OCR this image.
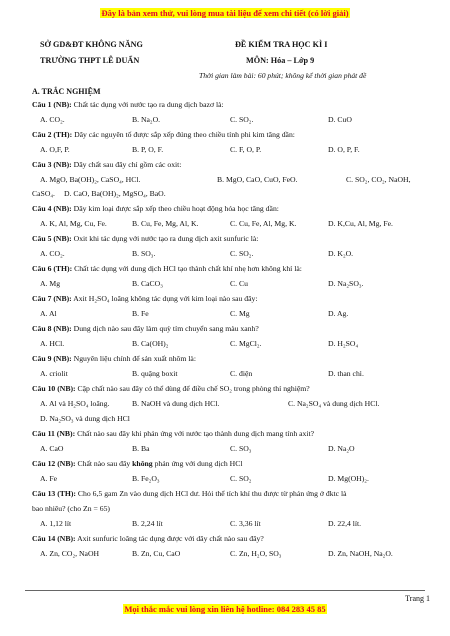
Đây là bản xem thử, vui lòng mua tài liệu để xem chi tiết (có lời giải)
SỞ GD&ĐT KHÔNG NĂNG	ĐỀ KIỂM TRA HỌC KÌ I
TRƯỜNG THPT LÊ DUẨN	MÔN: Hóa – Lớp 9
Thời gian làm bài: 60 phút; không kể thời gian phát đề
A. TRẮC NGHIỆM
Câu 1 (NB): Chất tác dụng với nước tạo ra dung dịch bazơ là:
A. CO₂.	B. Na₂O.	C. SO₂.	D. CuO
Câu 2 (TH): Dãy các nguyên tố được sắp xếp đúng theo chiều tính phi kim tăng dần:
A. O,F, P.	B. P, O, F.	C. F, O, P.	D. O, P, F.
Câu 3 (NB): Dãy chất sau đây chỉ gồm các oxit:
A. MgO, Ba(OH)₂, CaSO₄, HCl.	B. MgO, CaO, CuO, FeO.	C. SO₂, CO₂, NaOH,
CaSO₄. D. CaO, Ba(OH)₂, MgSO₄, BaO.
Câu 4 (NB): Dãy kim loại được sắp xếp theo chiều hoạt động hóa học tăng dần:
A. K, Al, Mg, Cu, Fe.	B. Cu, Fe, Mg, Al, K.	C. Cu, Fe, Al, Mg, K.	D. K,Cu, Al, Mg, Fe.
Câu 5 (NB): Oxit khi tác dụng với nước tạo ra dung dịch axit sunfuric là:
A. CO₂.	B. SO₃.	C. SO₂.	D. K₂O.
Câu 6 (TH): Chất tác dụng với dung dịch HCl tạo thành chất khí nhẹ hơn không khí là:
A. Mg	B. CaCO₃	C. Cu	D. Na₂SO₃.
Câu 7 (NB): Axit H₂SO₄ loãng không tác dụng với kim loại nào sau đây:
A. Al	B. Fe	C. Mg	D. Ag.
Câu 8 (NB): Dung dịch nào sau đây làm quỳ tím chuyển sang màu xanh?
A. HCl.	B. Ca(OH)₂	C. MgCl₂.	D. H₂SO₄
Câu 9 (NB): Nguyên liệu chính để sản xuất nhôm là:
A. criolit	B. quặng boxit	C. điện	D. than chì.
Câu 10 (NB): Cặp chất nào sau đây có thể dùng để điều chế SO₂ trong phòng thí nghiệm?
A. Al và H₂SO₄ loãng.	B. NaOH và dung dịch HCl.	C. Na₂SO₄ và dung dịch HCl.
D. Na₂SO₃ và dung dịch HCl
Câu 11 (NB): Chất nào sau đây khi phản ứng với nước tạo thành dung dịch mang tính axit?
A. CaO	B. Ba	C. SO₃	D. Na₂O
Câu 12 (NB): Chất nào sau đây không phản ứng với dung dịch HCl
A. Fe	B. Fe₂O₃	C. SO₂	D. Mg(OH)₂.
Câu 13 (TH): Cho 6,5 gam Zn vào dung dịch HCl dư. Hỏi thể tích khí thu được từ phản ứng ở đktc là
bao nhiêu? (cho Zn = 65)
A. 1,12 lít	B. 2,24 lít	C. 3,36 lít	D. 22,4 lít.
Câu 14 (NB): Axit sunfuric loãng tác dụng được với dãy chất nào sau đây?
A. Zn, CO₂, NaOH	B. Zn, Cu, CaO	C. Zn, H₂O, SO₃	D. Zn, NaOH, Na₂O.
Trang 1
Mọi thắc mắc vui lòng xin liên hệ hotline: 084 283 45 85
